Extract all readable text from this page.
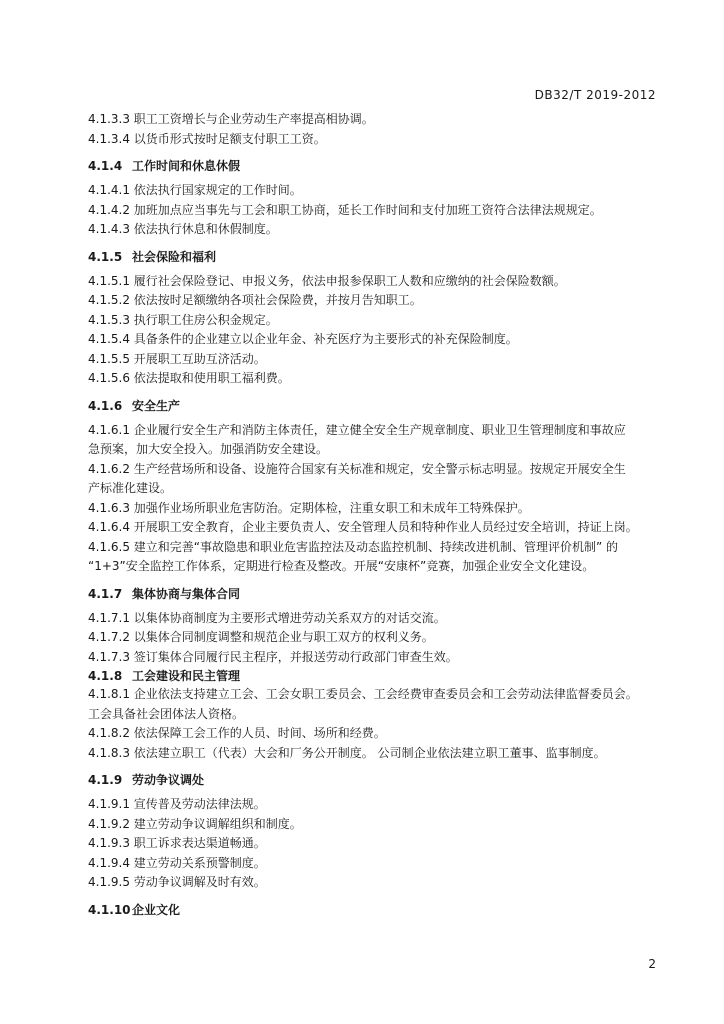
DB32/T 2019-2012
4.1.3.3 职工工资增长与企业劳动生产率提高相协调。
4.1.3.4 以货币形式按时足额支付职工工资。
4.1.4 工作时间和休息休假
4.1.4.1 依法执行国家规定的工作时间。
4.1.4.2 加班加点应当事先与工会和职工协商，延长工作时间和支付加班工资符合法律法规规定。
4.1.4.3 依法执行休息和休假制度。
4.1.5 社会保险和福利
4.1.5.1 履行社会保险登记、申报义务，依法申报参保职工人数和应缴纳的社会保险数额。
4.1.5.2 依法按时足额缴纳各项社会保险费，并按月告知职工。
4.1.5.3 执行职工住房公积金规定。
4.1.5.4 具备条件的企业建立以企业年金、补充医疗为主要形式的补充保险制度。
4.1.5.5 开展职工互助互济活动。
4.1.5.6 依法提取和使用职工福利费。
4.1.6 安全生产
4.1.6.1 企业履行安全生产和消防主体责任，建立健全安全生产规章制度、职业卫生管理制度和事故应
急预案，加大安全投入。加强消防安全建设。
4.1.6.2 生产经营场所和设备、设施符合国家有关标准和规定，安全警示标志明显。按规定开展安全生
产标准化建设。
4.1.6.3 加强作业场所职业危害防治。定期体检，注重女职工和未成年工特殊保护。
4.1.6.4 开展职工安全教育，企业主要负责人、安全管理人员和特种作业人员经过安全培训，持证上岗。
4.1.6.5 建立和完善“事故隐患和职业危害监控法及动态监控机制、持续改进机制、管理评价机制” 的
“1+3”安全监控工作体系，定期进行检查及整改。开展“安康杯”竞赛，加强企业安全文化建设。
4.1.7 集体协商与集体合同
4.1.7.1 以集体协商制度为主要形式增进劳动关系双方的对话交流。
4.1.7.2 以集体合同制度调整和规范企业与职工双方的权利义务。
4.1.7.3 签订集体合同履行民主程序，并报送劳动行政部门审查生效。
4.1.8 工会建设和民主管理
4.1.8.1 企业依法支持建立工会、工会女职工委员会、工会经费审查委员会和工会劳动法律监督委员会。
工会具备社会团体法人资格。
4.1.8.2 依法保障工会工作的人员、时间、场所和经费。
4.1.8.3 依法建立职工（代表）大会和厂务公开制度。 公司制企业依法建立职工董事、监事制度。
4.1.9 劳动争议调处
4.1.9.1 宣传普及劳动法律法规。
4.1.9.2 建立劳动争议调解组织和制度。
4.1.9.3 职工诉求表达渠道畅通。
4.1.9.4 建立劳动关系预警制度。
4.1.9.5 劳动争议调解及时有效。
4.1.10企业文化
2
